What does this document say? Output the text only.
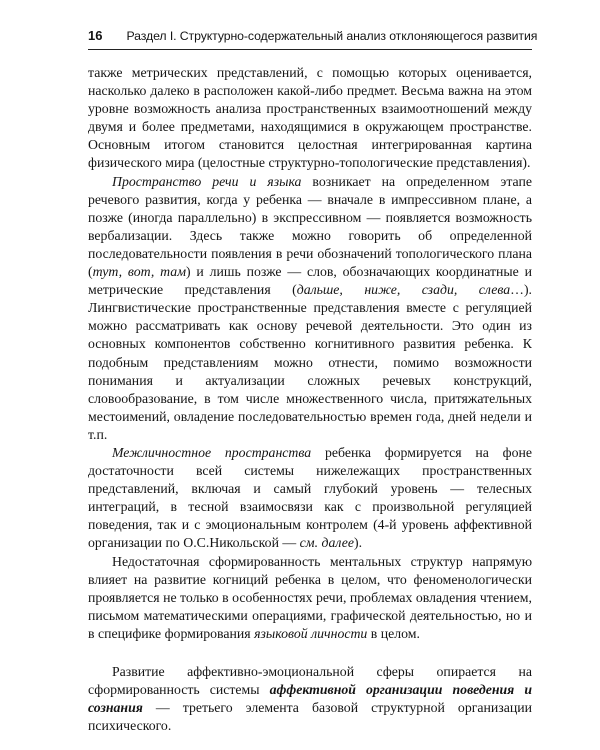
16 Раздел I. Структурно-содержательный анализ отклоняющегося развития

также метрических представлений, с помощью которых оценивается, насколько далеко в расположен какой-либо предмет. Весьма важна на этом уровне возможность анализа пространственных взаимоотношений между двумя и более предметами, находящимися в окружающем пространстве. Основным итогом становится целостная интегрированная картина физического мира (целостные структурно-топологические представления).

Пространство речи и языка возникает на определенном этапе речевого развития, когда у ребенка — вначале в импрессивном плане, а позже (иногда параллельно) в экспрессивном — появляется возможность вербализации. Здесь также можно говорить об определенной последовательности появления в речи обозначений топологического плана (тут, вот, там) и лишь позже — слов, обозначающих координатные и метрические представления (дальше, ниже, сзади, слева…). Лингвистические пространственные представления вместе с регуляцией можно рассматривать как основу речевой деятельности. Это один из основных компонентов собственно когнитивного развития ребенка. К подобным представлениям можно отнести, помимо возможности понимания и актуализации сложных речевых конструкций, словообразование, в том числе множественного числа, притяжательных местоимений, овладение последовательностью времен года, дней недели и т.п.

Межличностное пространства ребенка формируется на фоне достаточности всей системы нижележащих пространственных представлений, включая и самый глубокий уровень — телесных интеграций, в тесной взаимосвязи как с произвольной регуляцией поведения, так и с эмоциональным контролем (4-й уровень аффективной организации по О.С.Никольской — см. далее).

Недостаточная сформированность ментальных структур напрямую влияет на развитие когниций ребенка в целом, что феноменологически проявляется не только в особенностях речи, проблемах овладения чтением, письмом математическими операциями, графической деятельностью, но и в специфике формирования языковой личности в целом.

Развитие аффективно-эмоциональной сферы опирается на сформированность системы аффективной организации поведения и сознания — третьего элемента базовой структурной организации психического.
